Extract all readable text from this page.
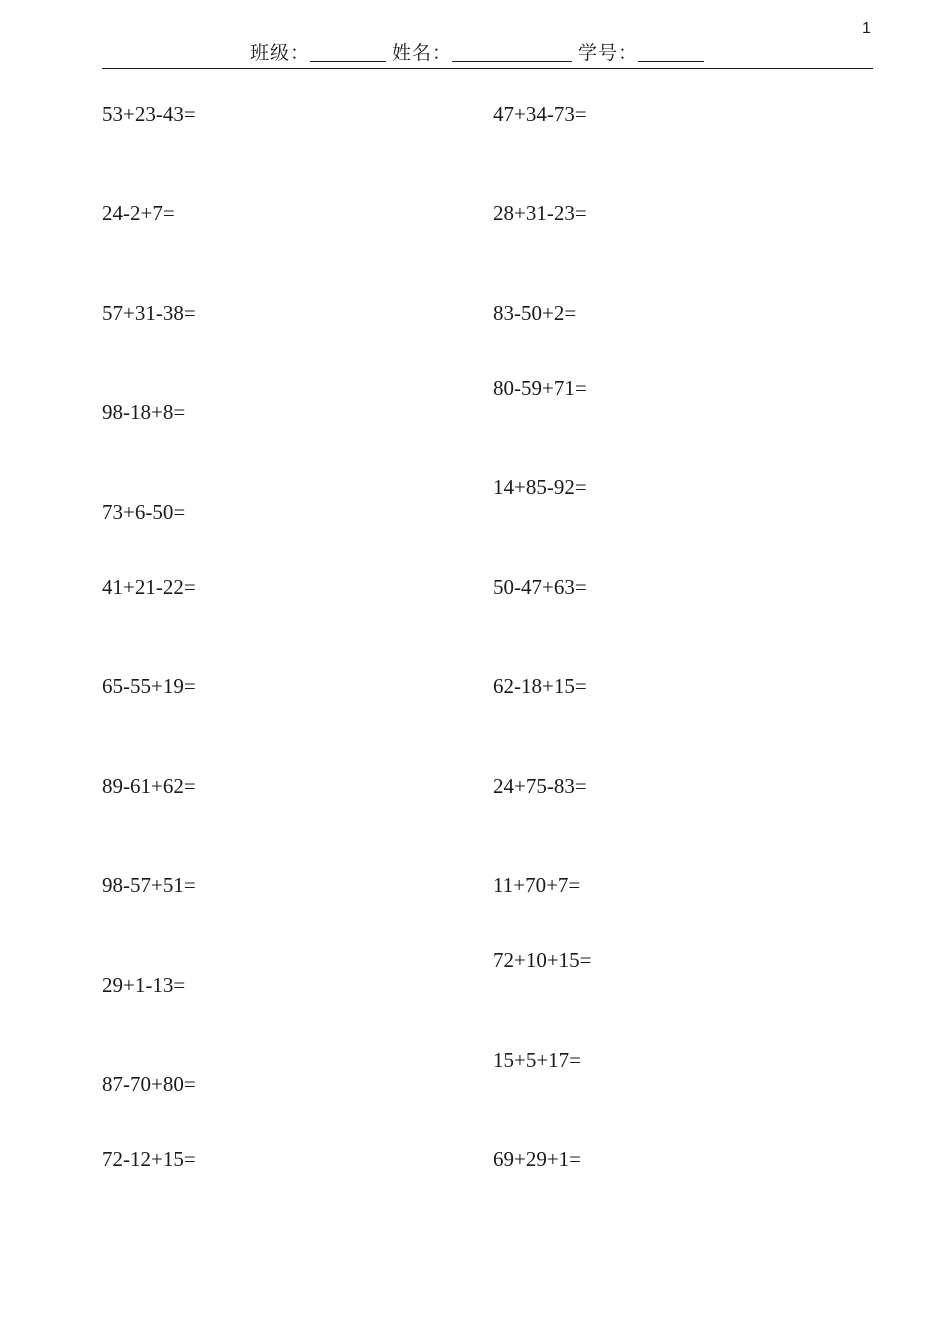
1
班级：	姓名：	学号：
53+23-43=
24-2+7=
57+31-38=
98-18+8=
73+6-50=
41+21-22=
65-55+19=
89-61+62=
98-57+51=
29+1-13=
87-70+80=
72-12+15=
47+34-73=
28+31-23=
83-50+2=
80-59+71=
14+85-92=
50-47+63=
62-18+15=
24+75-83=
11+70+7=
72+10+15=
15+5+17=
69+29+1=
